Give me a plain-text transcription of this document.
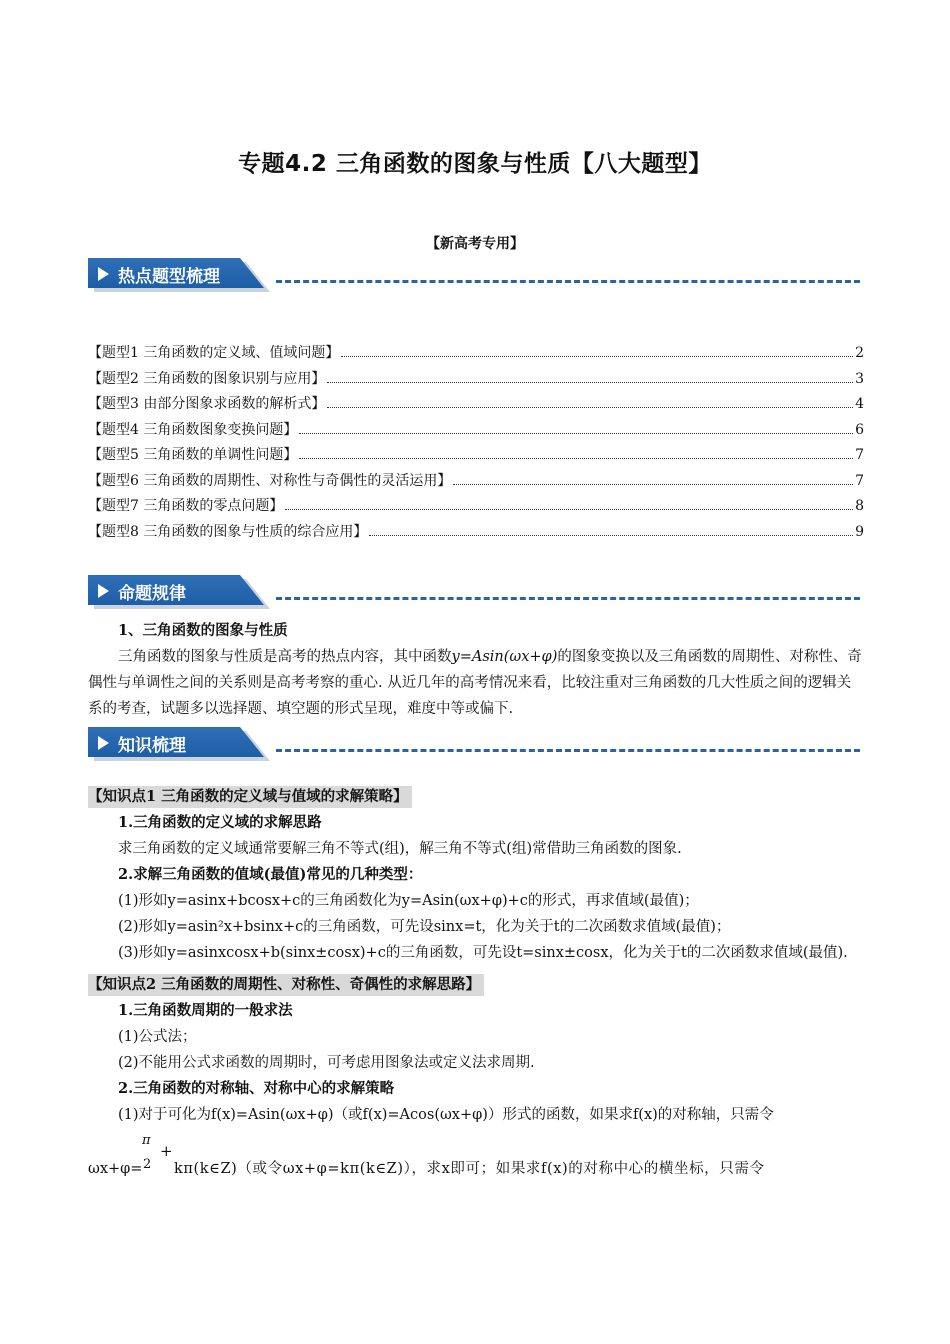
专题4.2 三角函数的图象与性质【八大题型】
【新高考专用】
热点题型梳理
【题型1 三角函数的定义域、值域问题】	2
【题型2 三角函数的图象识别与应用】	3
【题型3 由部分图象求函数的解析式】	4
【题型4 三角函数图象变换问题】	6
【题型5 三角函数的单调性问题】	7
【题型6 三角函数的周期性、对称性与奇偶性的灵活运用】	7
【题型7 三角函数的零点问题】	8
【题型8 三角函数的图象与性质的综合应用】	9
命题规律

1、三角函数的图象与性质

三角函数的图象与性质是高考的热点内容，其中函数y=Asin(ωx+φ)的图象变换以及三角函数的周期性、对称性、奇偶性与单调性之间的关系则是高考考察的重心. 从近几年的高考情况来看，比较注重对三角函数的几大性质之间的逻辑关系的考查，试题多以选择题、填空题的形式呈现，难度中等或偏下.

知识梳理

【知识点1 三角函数的定义域与值域的求解策略】

1.三角函数的定义域的求解思路

求三角函数的定义域通常要解三角不等式(组)，解三角不等式(组)常借助三角函数的图象.

2.求解三角函数的值域(最值)常见的几种类型：

(1)形如y=asinx+bcosx+c的三角函数化为y=Asin(ωx+φ)+c的形式，再求值域(最值)；

(2)形如y=asin²x+bsinx+c的三角函数，可先设sinx=t，化为关于t的二次函数求值域(最值)；

(3)形如y=asinxcosx+b(sinx±cosx)+c的三角函数，可先设t=sinx±cosx，化为关于t的二次函数求值域(最值).

【知识点2 三角函数的周期性、对称性、奇偶性的求解思路】

1.三角函数周期的一般求法

(1)公式法；

(2)不能用公式求函数的周期时，可考虑用图象法或定义法求周期.

2.三角函数的对称轴、对称中心的求解策略

(1)对于可化为f(x)=Asin(ωx+φ)（或f(x)=Acos(ωx+φ)）形式的函数，如果求f(x)的对称轴，只需令

π
2
+
ωx+φ= kπ(k∈Z)（或令ωx+φ=kπ(k∈Z)），求x即可；如果求f(x)的对称中心的横坐标，只需令
